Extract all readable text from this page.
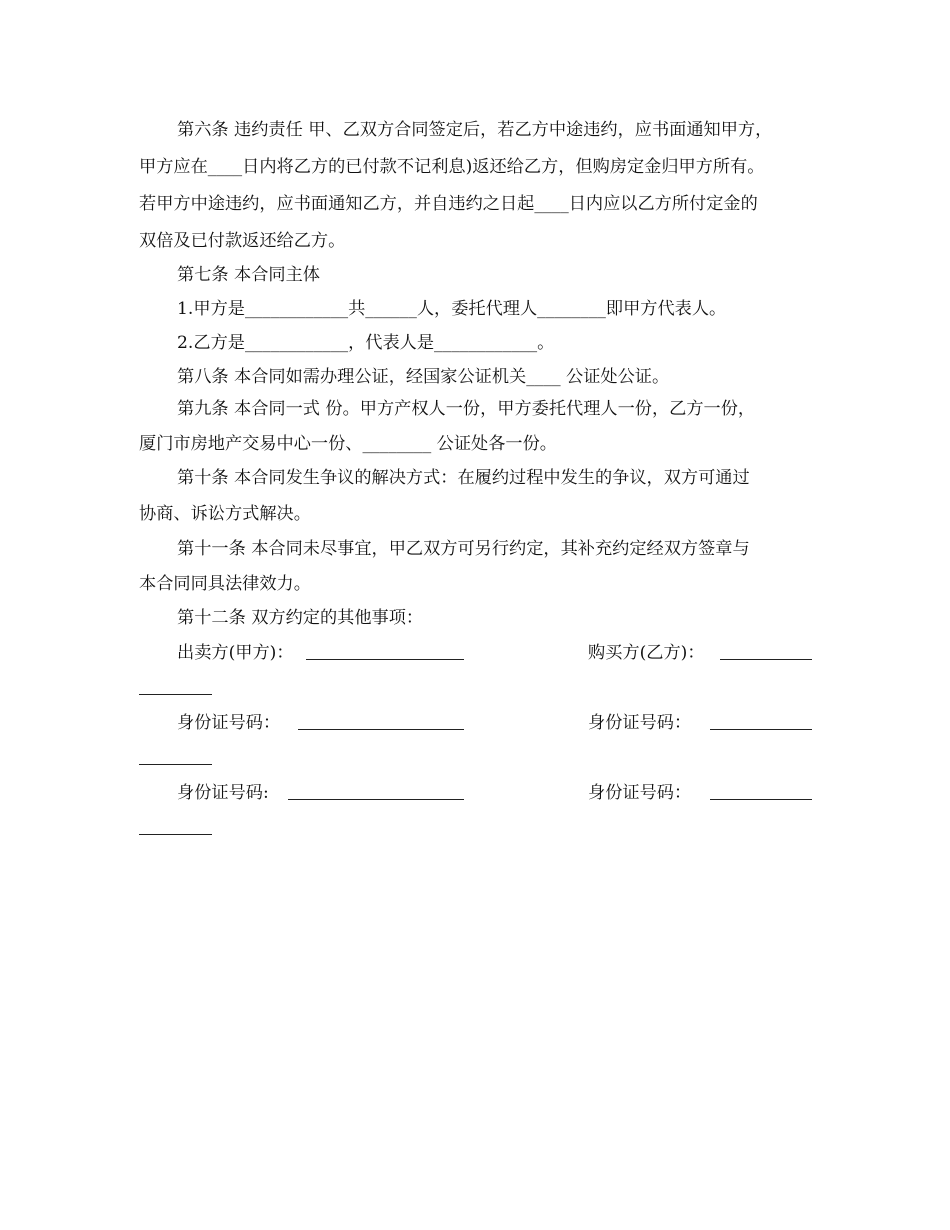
第六条 违约责任 甲、乙双方合同签定后，若乙方中途违约，应书面通知甲方，

甲方应在____日内将乙方的已付款不记利息)返还给乙方，但购房定金归甲方所有。

若甲方中途违约，应书面通知乙方，并自违约之日起____日内应以乙方所付定金的

双倍及已付款返还给乙方。

第七条 本合同主体

1.甲方是____________共______人，委托代理人________即甲方代表人。

2.乙方是____________，代表人是____________。

第八条 本合同如需办理公证，经国家公证机关____ 公证处公证。

第九条 本合同一式 份。甲方产权人一份，甲方委托代理人一份，乙方一份，

厦门市房地产交易中心一份、________ 公证处各一份。

第十条 本合同发生争议的解决方式：在履约过程中发生的争议，双方可通过

协商、诉讼方式解决。

第十一条 本合同未尽事宜，甲乙双方可另行约定，其补充约定经双方签章与

本合同同具法律效力。

第十二条 双方约定的其他事项：

出卖方(甲方)：	购买方(乙方)：
身份证号码：	身份证号码：
身份证号码:	身份证号码：
